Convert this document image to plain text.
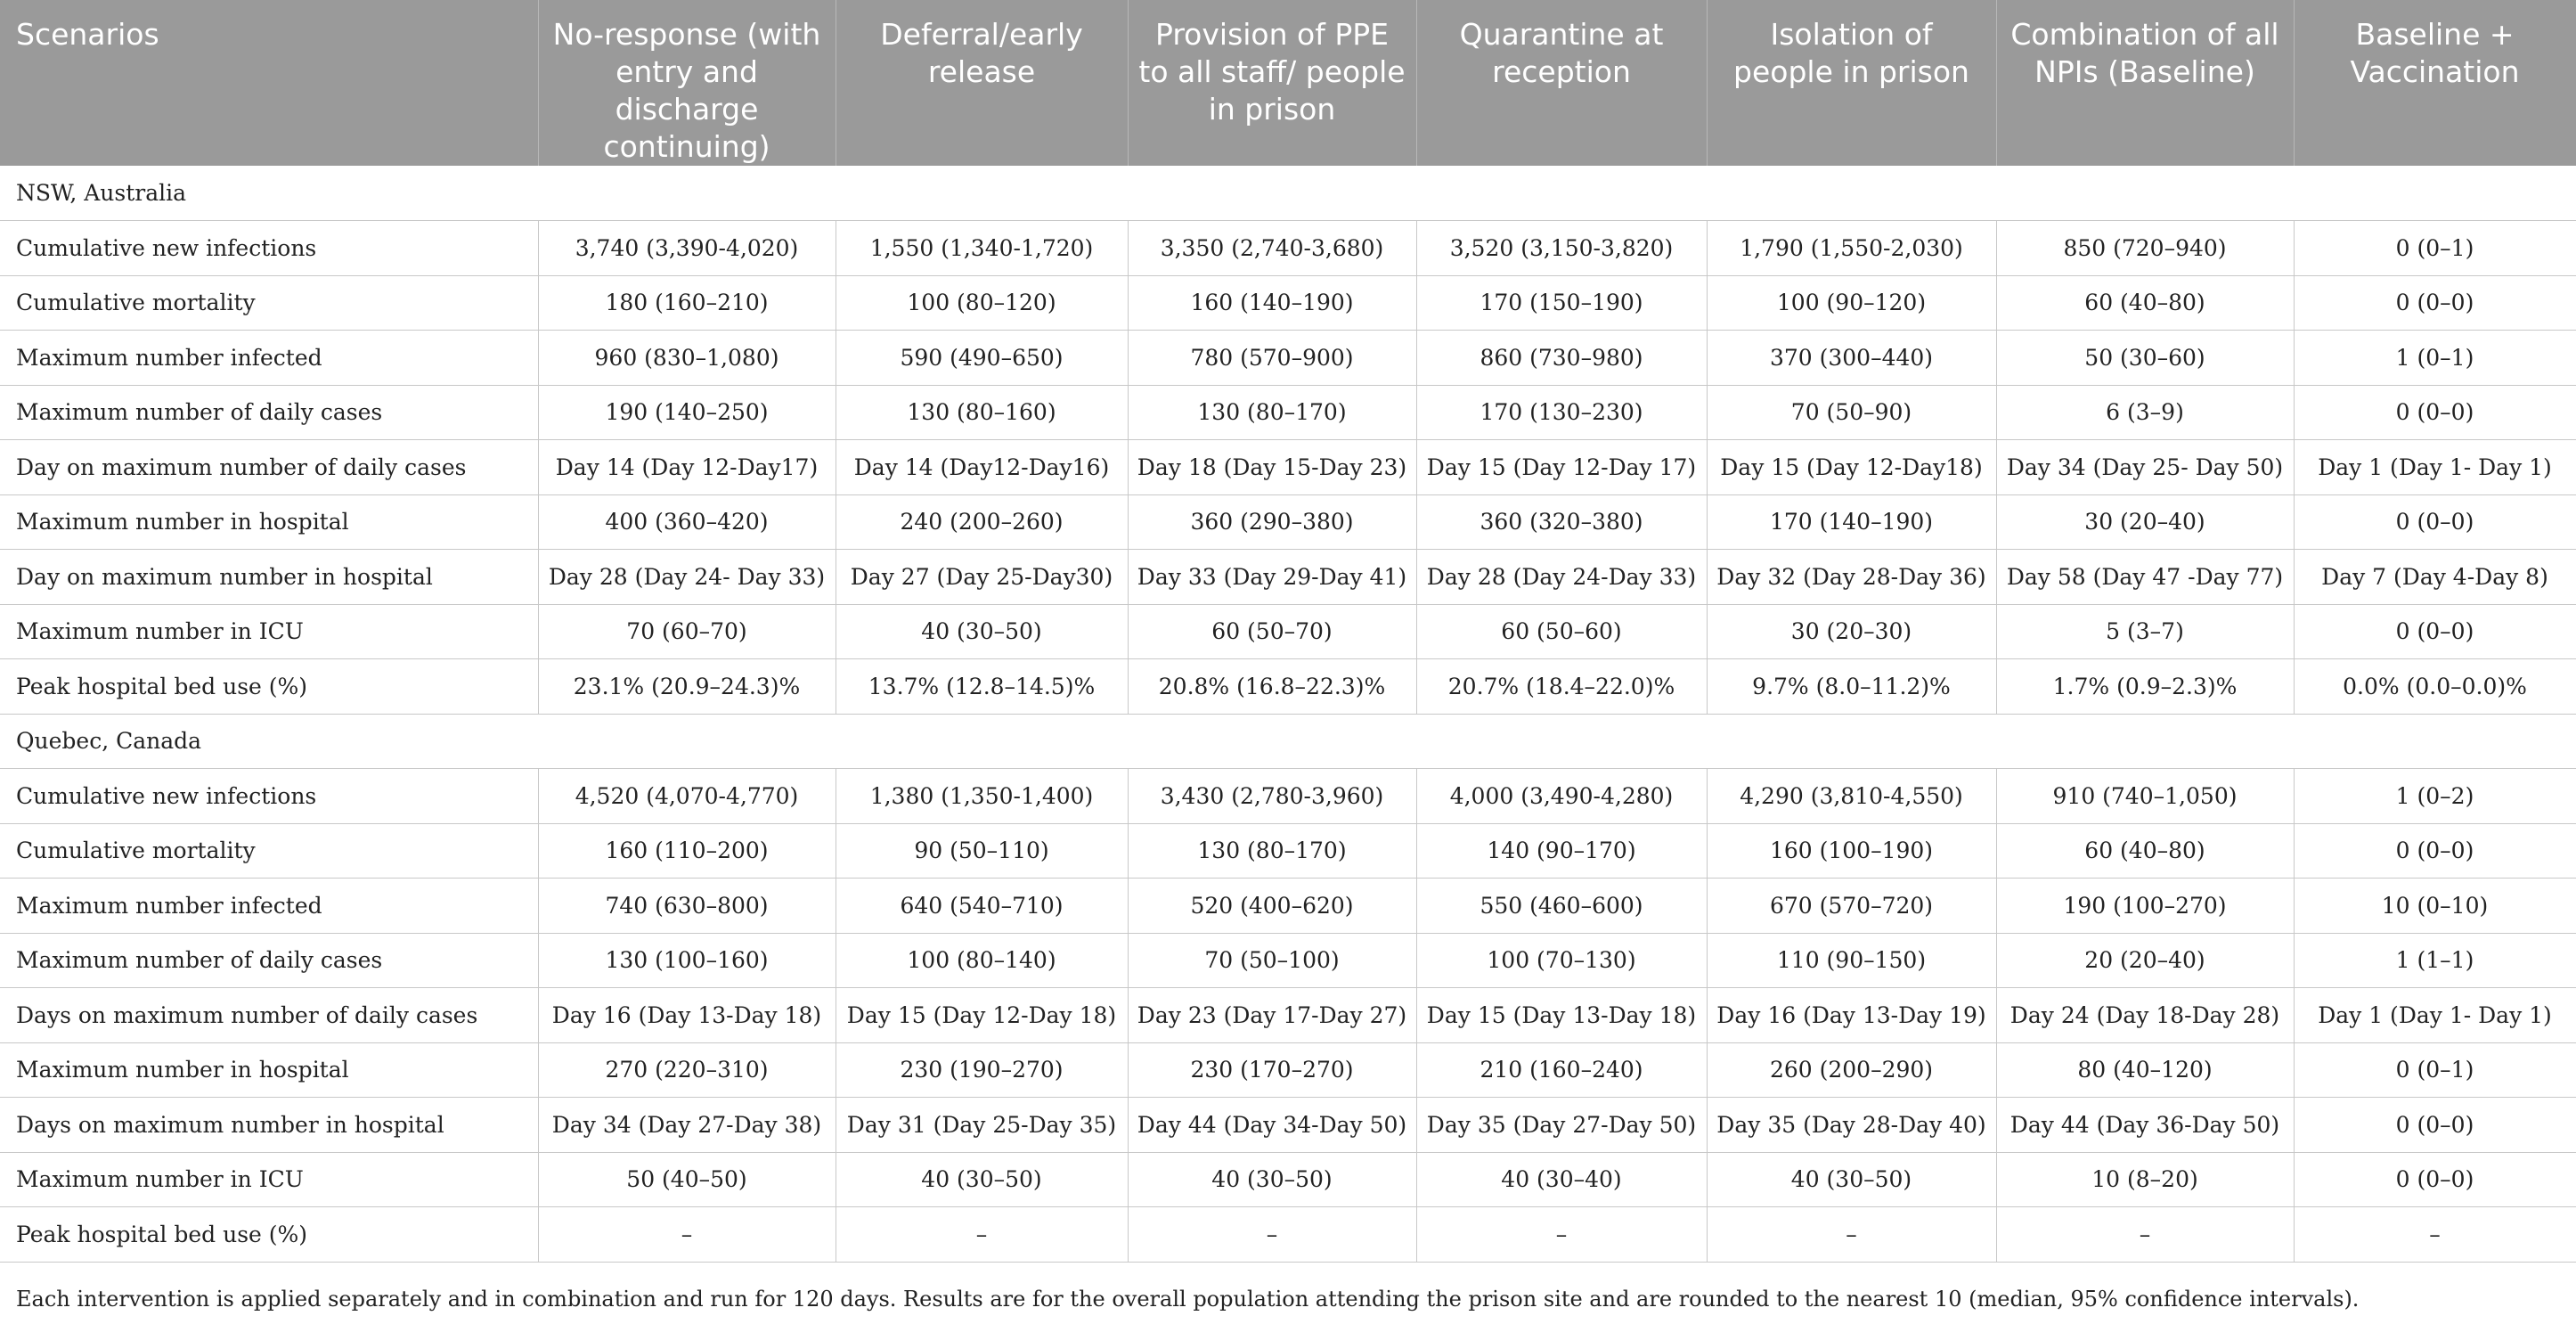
Scenarios	No-response (with entry and discharge continuing)	Deferral/early release	Provision of PPE to all staff/ people in prison	Quarantine at reception	Isolation of people in prison	Combination of all NPIs (Baseline)	Baseline + Vaccination
NSW, Australia							
Cumulative new infections	3,740 (3,390-4,020)	1,550 (1,340-1,720)	3,350 (2,740-3,680)	3,520 (3,150-3,820)	1,790 (1,550-2,030)	850 (720–940)	0 (0–1)
Cumulative mortality	180 (160–210)	100 (80–120)	160 (140–190)	170 (150–190)	100 (90–120)	60 (40–80)	0 (0–0)
Maximum number infected	960 (830–1,080)	590 (490–650)	780 (570–900)	860 (730–980)	370 (300–440)	50 (30–60)	1 (0–1)
Maximum number of daily cases	190 (140–250)	130 (80–160)	130 (80–170)	170 (130–230)	70 (50–90)	6 (3–9)	0 (0–0)
Day on maximum number of daily cases	Day 14 (Day 12-Day17)	Day 14 (Day12-Day16)	Day 18 (Day 15-Day 23)	Day 15 (Day 12-Day 17)	Day 15 (Day 12-Day18)	Day 34 (Day 25- Day 50)	Day 1 (Day 1- Day 1)
Maximum number in hospital	400 (360–420)	240 (200–260)	360 (290–380)	360 (320–380)	170 (140–190)	30 (20–40)	0 (0–0)
Day on maximum number in hospital	Day 28 (Day 24- Day 33)	Day 27 (Day 25-Day30)	Day 33 (Day 29-Day 41)	Day 28 (Day 24-Day 33)	Day 32 (Day 28-Day 36)	Day 58 (Day 47 -Day 77)	Day 7 (Day 4-Day 8)
Maximum number in ICU	70 (60–70)	40 (30–50)	60 (50–70)	60 (50–60)	30 (20–30)	5 (3–7)	0 (0–0)
Peak hospital bed use (%)	23.1% (20.9–24.3)%	13.7% (12.8–14.5)%	20.8% (16.8–22.3)%	20.7% (18.4–22.0)%	9.7% (8.0–11.2)%	1.7% (0.9–2.3)%	0.0% (0.0–0.0)%
Quebec, Canada							
Cumulative new infections	4,520 (4,070-4,770)	1,380 (1,350-1,400)	3,430 (2,780-3,960)	4,000 (3,490-4,280)	4,290 (3,810-4,550)	910 (740–1,050)	1 (0–2)
Cumulative mortality	160 (110–200)	90 (50–110)	130 (80–170)	140 (90–170)	160 (100–190)	60 (40–80)	0 (0–0)
Maximum number infected	740 (630–800)	640 (540–710)	520 (400–620)	550 (460–600)	670 (570–720)	190 (100–270)	10 (0–10)
Maximum number of daily cases	130 (100–160)	100 (80–140)	70 (50–100)	100 (70–130)	110 (90–150)	20 (20–40)	1 (1–1)
Days on maximum number of daily cases	Day 16 (Day 13-Day 18)	Day 15 (Day 12-Day 18)	Day 23 (Day 17-Day 27)	Day 15 (Day 13-Day 18)	Day 16 (Day 13-Day 19)	Day 24 (Day 18-Day 28)	Day 1 (Day 1- Day 1)
Maximum number in hospital	270 (220–310)	230 (190–270)	230 (170–270)	210 (160–240)	260 (200–290)	80 (40–120)	0 (0–1)
Days on maximum number in hospital	Day 34 (Day 27-Day 38)	Day 31 (Day 25-Day 35)	Day 44 (Day 34-Day 50)	Day 35 (Day 27-Day 50)	Day 35 (Day 28-Day 40)	Day 44 (Day 36-Day 50)	0 (0–0)
Maximum number in ICU	50 (40–50)	40 (30–50)	40 (30–50)	40 (30–40)	40 (30–50)	10 (8–20)	0 (0–0)
Peak hospital bed use (%)	–	–	–	–	–	–	–
Each intervention is applied separately and in combination and run for 120 days. Results are for the overall population attending the prison site and are rounded to the nearest 10 (median, 95% confidence intervals).
